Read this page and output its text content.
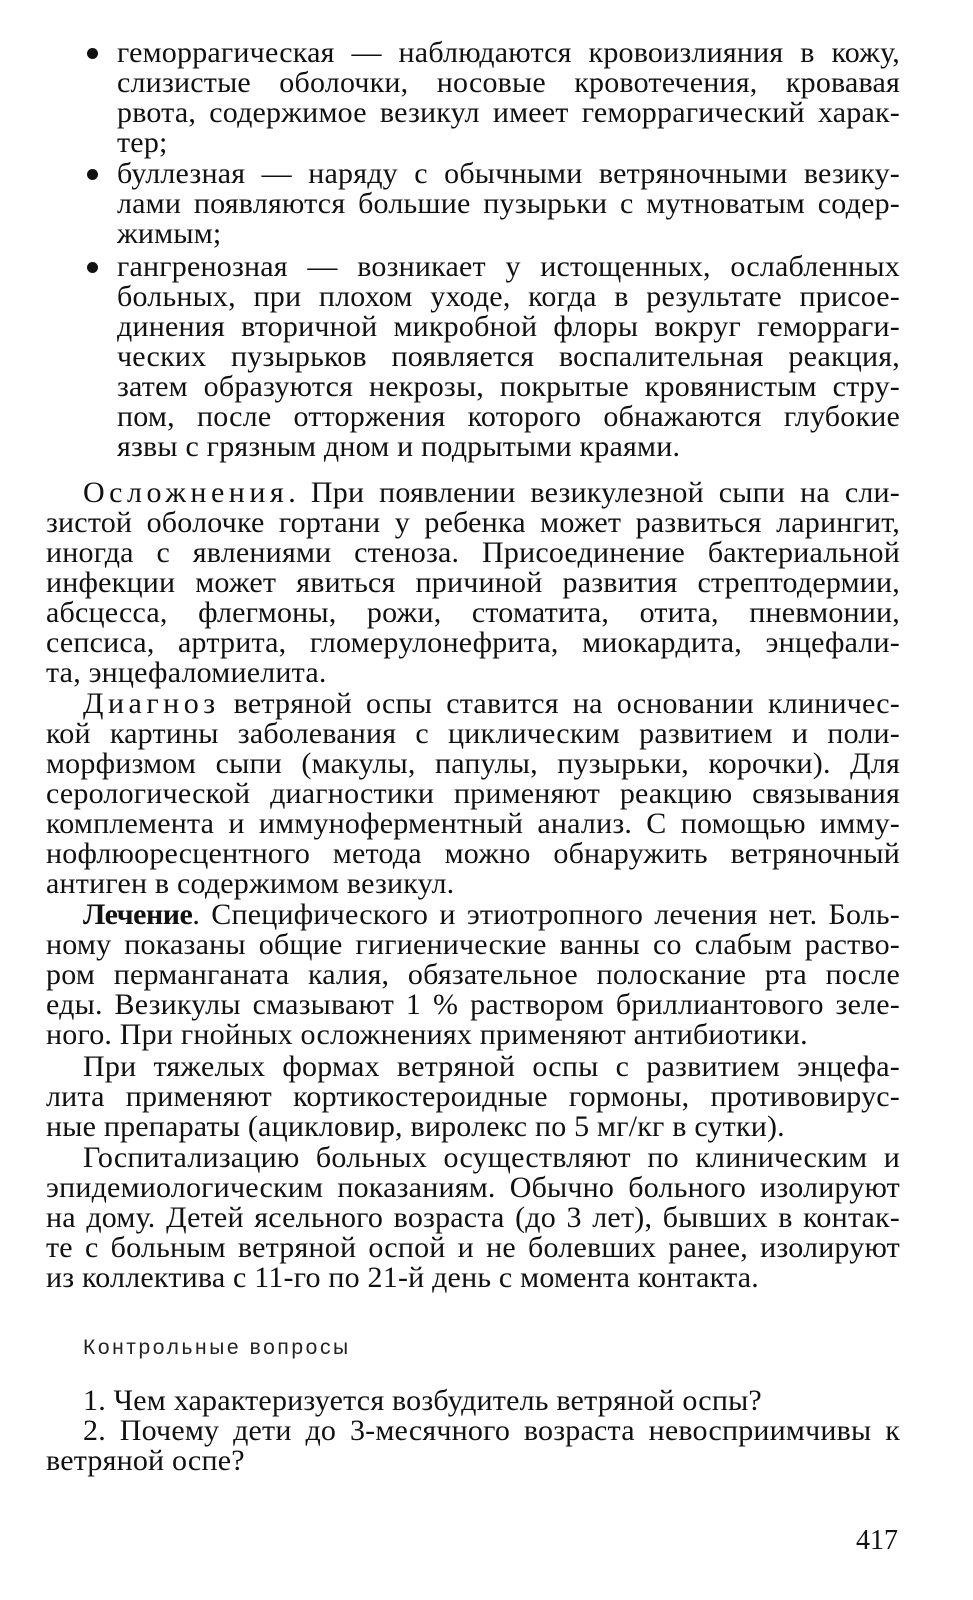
геморрагическая — наблюдаются кровоизлияния в кожу,
слизистые оболочки, носовые кровотечения, кровавая
рвота, содержимое везикул имеет геморрагический харак-
тер;
буллезная — наряду с обычными ветряночными везику-
лами появляются большие пузырьки с мутноватым содер-
жимым;
гангренозная — возникает у истощенных, ослабленных
больных, при плохом уходе, когда в результате присое-
динения вторичной микробной флоры вокруг геморраги-
ческих пузырьков появляется воспалительная реакция,
затем образуются некрозы, покрытые кровянистым стру-
пом, после отторжения которого обнажаются глубокие
язвы с грязным дном и подрытыми краями.
Осложнения. При появлении везикулезной сыпи на сли-
зистой оболочке гортани у ребенка может развиться ларингит,
иногда с явлениями стеноза. Присоединение бактериальной
инфекции может явиться причиной развития стрептодермии,
абсцесса, флегмоны, рожи, стоматита, отита, пневмонии,
сепсиса, артрита, гломерулонефрита, миокардита, энцефали-
та, энцефаломиелита.
Диагноз ветряной оспы ставится на основании клиничес-
кой картины заболевания с циклическим развитием и поли-
морфизмом сыпи (макулы, папулы, пузырьки, корочки). Для
серологической диагностики применяют реакцию связывания
комплемента и иммуноферментный анализ. С помощью иммy-
нофлюоресцентного метода можно обнаружить ветряночный
антиген в содержимом везикул.
Лечение. Специфического и этиотропного лечения нет. Боль-
ному показаны общие гигиенические ванны со слабым раство-
ром перманганата калия, обязательное полоскание рта после
еды. Везикулы смазывают 1 % раствором бриллиантового зеле-
ного. При гнойных осложнениях применяют антибиотики.
При тяжелых формах ветряной оспы с развитием энцефа-
лита применяют кортикостероидные гормоны, противовирус-
ные препараты (ацикловир, виролекс по 5 мг/кг в сутки).
Госпитализацию больных осуществляют по клиническим и
эпидемиологическим показаниям. Обычно больного изолируют
на дому. Детей ясельного возраста (до 3 лет), бывших в контак-
те с больным ветряной оспой и не болевших ранее, изолируют
из коллектива с 11-го по 21-й день с момента контакта.
Контрольные вопросы
1. Чем характеризуется возбудитель ветряной оспы?
2. Почему дети до 3-месячного возраста невосприимчивы к
ветряной оспе?
417
